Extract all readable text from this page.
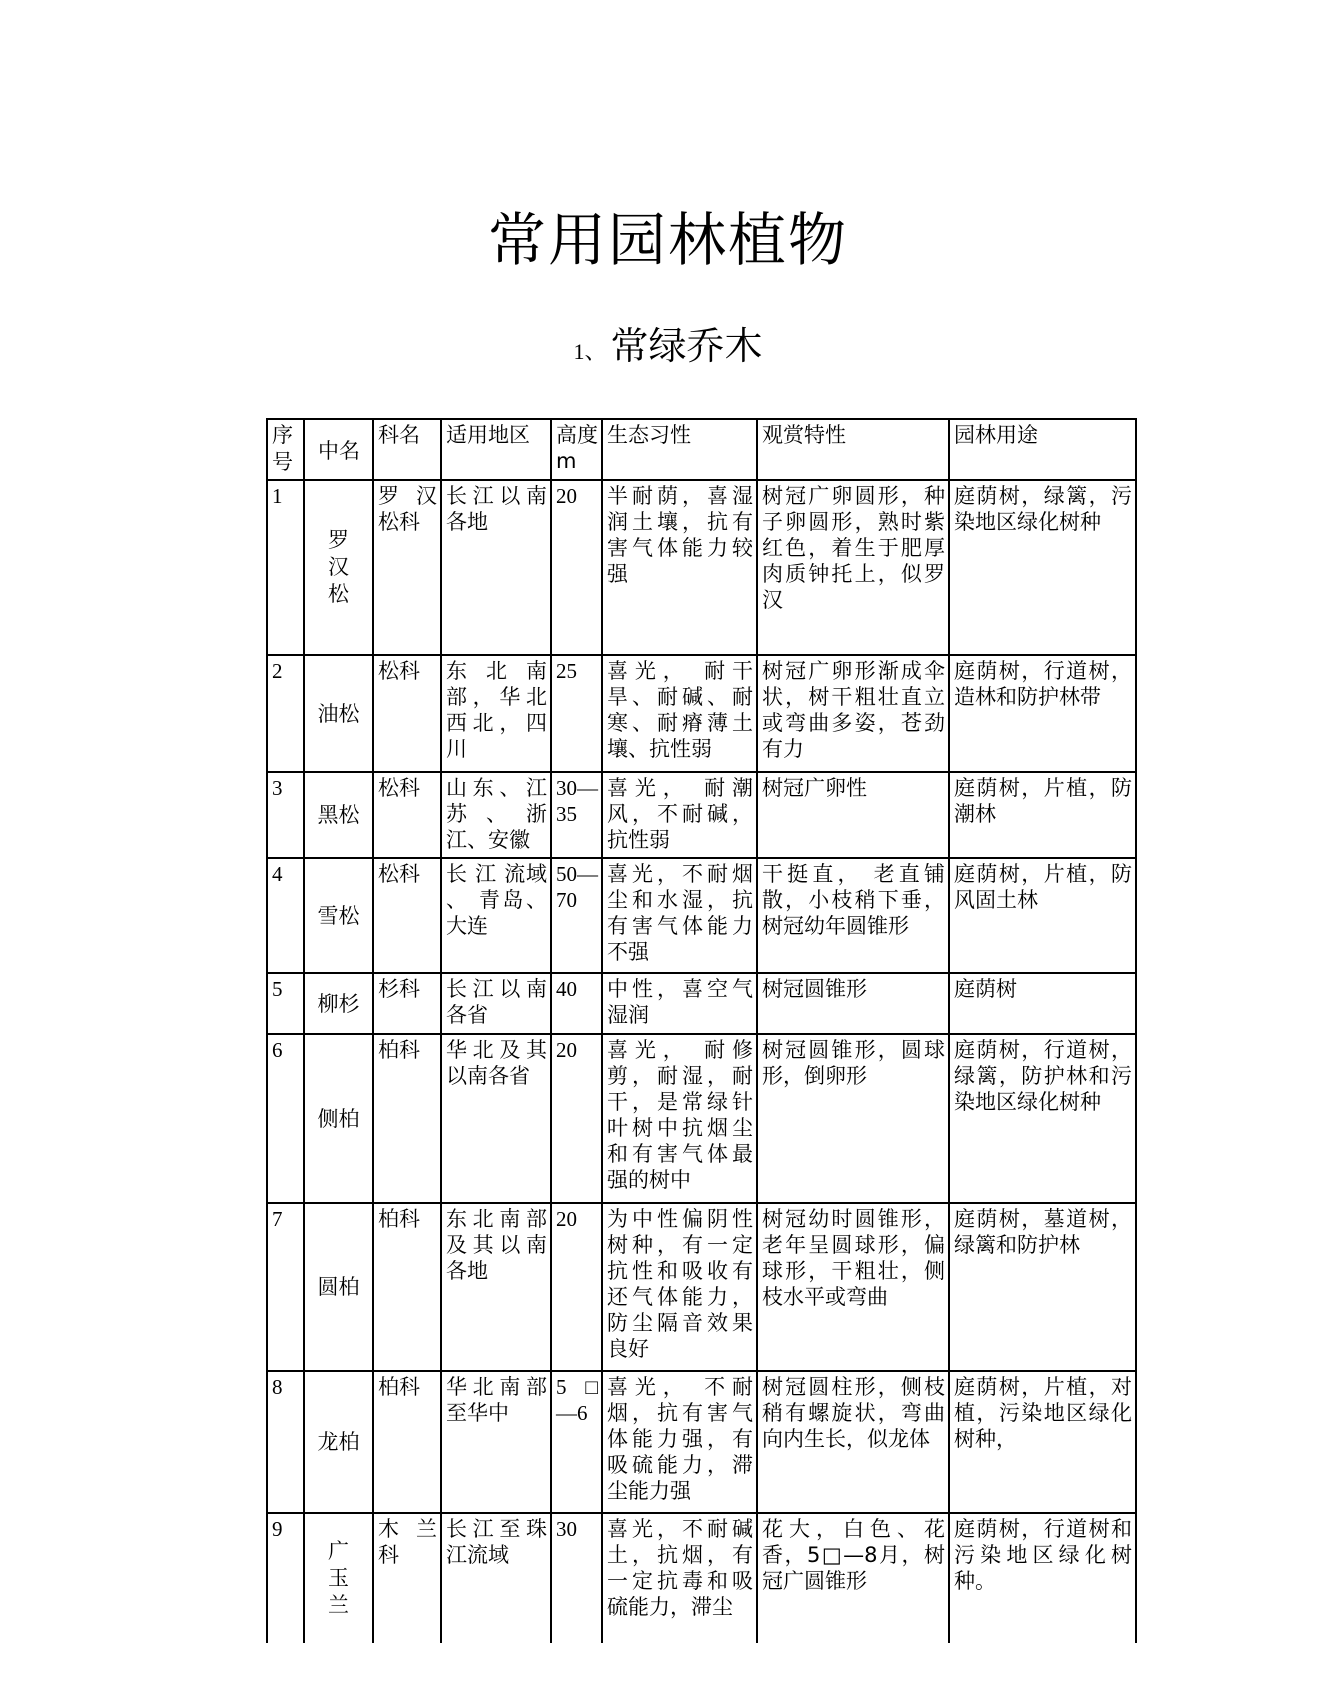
常用园林植物
1、 常绿乔木
序号	中名	科名	适用地区	高度m	生态习性	观赏特性	园林用途
1	罗汉松	罗 汉松科	长江以南各地	20	半耐荫，喜湿润土壤，抗有害气体能力较强	树冠广卵圆形，种子卵圆形，熟时紫红色，着生于肥厚肉质钟托上，似罗汉	庭荫树，绿篱，污染地区绿化树种
2	油松	松科	东 北 南部，华北西北，四川	25	喜光， 耐干旱、耐碱、耐寒、耐瘠薄土壤、抗性弱	树冠广卵形渐成伞状，树干粗壮直立或弯曲多姿，苍劲有力	庭荫树，行道树，造林和防护林带
3	黑松	松科	山东、江苏 、 浙江、安徽	30—35	喜光， 耐潮风，不耐碱，抗性弱	树冠广卵性	庭荫树，片植，防潮林
4	雪松	松科	长 江 流域 、 青岛、大连	50—70	喜光，不耐烟尘和水湿，抗有害气体能力不强	干挺直， 老直铺散，小枝稍下垂，树冠幼年圆锥形	庭荫树，片植，防风固土林
5	柳杉	杉科	长江以南各省	40	中性，喜空气湿润	树冠圆锥形	庭荫树
6	侧柏	柏科	华北及其以南各省	20	喜光， 耐修剪，耐湿，耐干，是常绿针叶树中抗烟尘和有害气体最强的树中	树冠圆锥形，圆球形，倒卵形	庭荫树，行道树，绿篱，防护林和污染地区绿化树种
7	圆柏	柏科	东北南部及其以南各地	20	为中性偏阴性树种，有一定抗性和吸收有还气体能力，防尘隔音效果良好	树冠幼时圆锥形，老年呈圆球形，偏球形，干粗壮，侧枝水平或弯曲	庭荫树，墓道树，绿篱和防护林
8	龙柏	柏科	华北南部至华中	5□—6	喜光， 不耐烟，抗有害气体能力强，有吸硫能力，滞尘能力强	树冠圆柱形，侧枝稍有螺旋状，弯曲向内生长，似龙体	庭荫树，片植，对植，污染地区绿化树种，
9	广玉兰	木 兰科	长江至珠江流域	30	喜光，不耐碱土，抗烟，有一定抗毒和吸硫能力，滞尘	花大，白色、花香，5□—8月，树冠广圆锥形	庭荫树，行道树和污染地区绿化树种。
